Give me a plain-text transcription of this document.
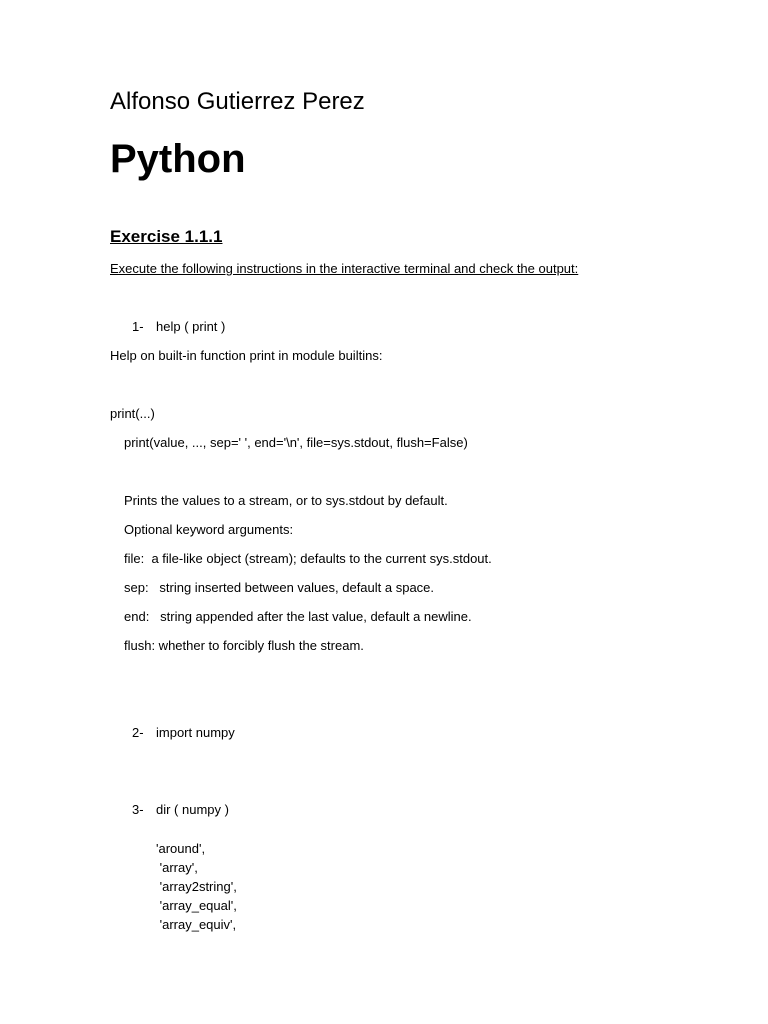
Alfonso Gutierrez Perez
Python
Exercise 1.1.1
Execute the following instructions in the interactive terminal and check the output:
1- help ( print )
Help on built-in function print in module builtins:
print(...)
print(value, ..., sep=' ', end='\n', file=sys.stdout, flush=False)
Prints the values to a stream, or to sys.stdout by default.
Optional keyword arguments:
file:  a file-like object (stream); defaults to the current sys.stdout.
sep:   string inserted between values, default a space.
end:   string appended after the last value, default a newline.
flush: whether to forcibly flush the stream.
2- import numpy
3- dir ( numpy )
'around',
'array',
'array2string',
'array_equal',
'array_equiv',
